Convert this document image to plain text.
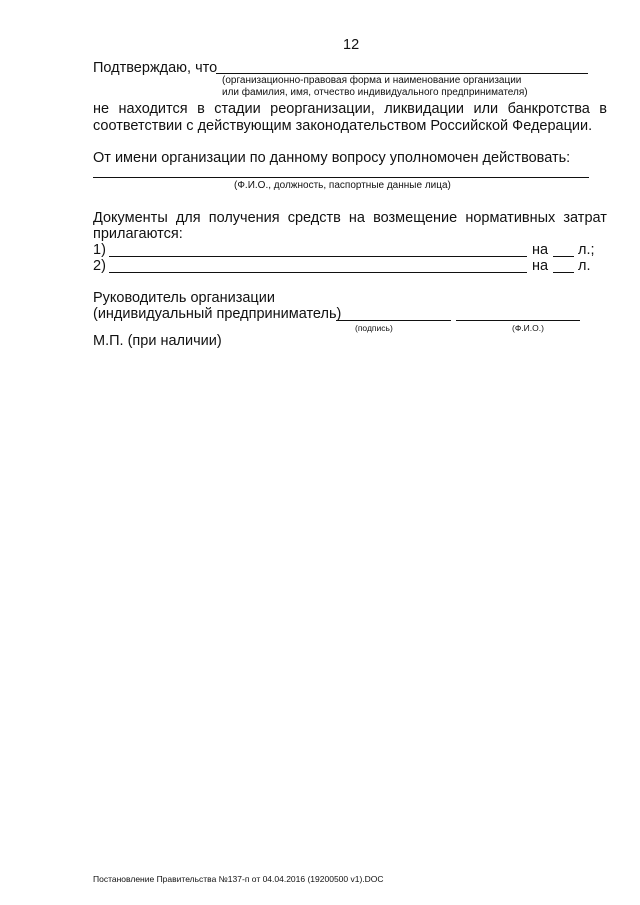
12
Подтверждаю, что
(организационно-правовая форма и наименование организации
или фамилия, имя, отчество индивидуального предпринимателя)
не находится в стадии реорганизации, ликвидации или банкротства в
соответствии с действующим законодательством Российской Федерации.
От имени организации по данному вопросу уполномочен действовать:
(Ф.И.О., должность, паспортные данные лица)
Документы для получения средств на возмещение нормативных затрат
прилагаются:
1)	на л.;
2)	на л.
Руководитель организации
(индивидуальный предприниматель)
(подпись)	(Ф.И.О.)
М.П. (при наличии)
Постановление Правительства №137-п от 04.04.2016 (19200500 v1).DOC
